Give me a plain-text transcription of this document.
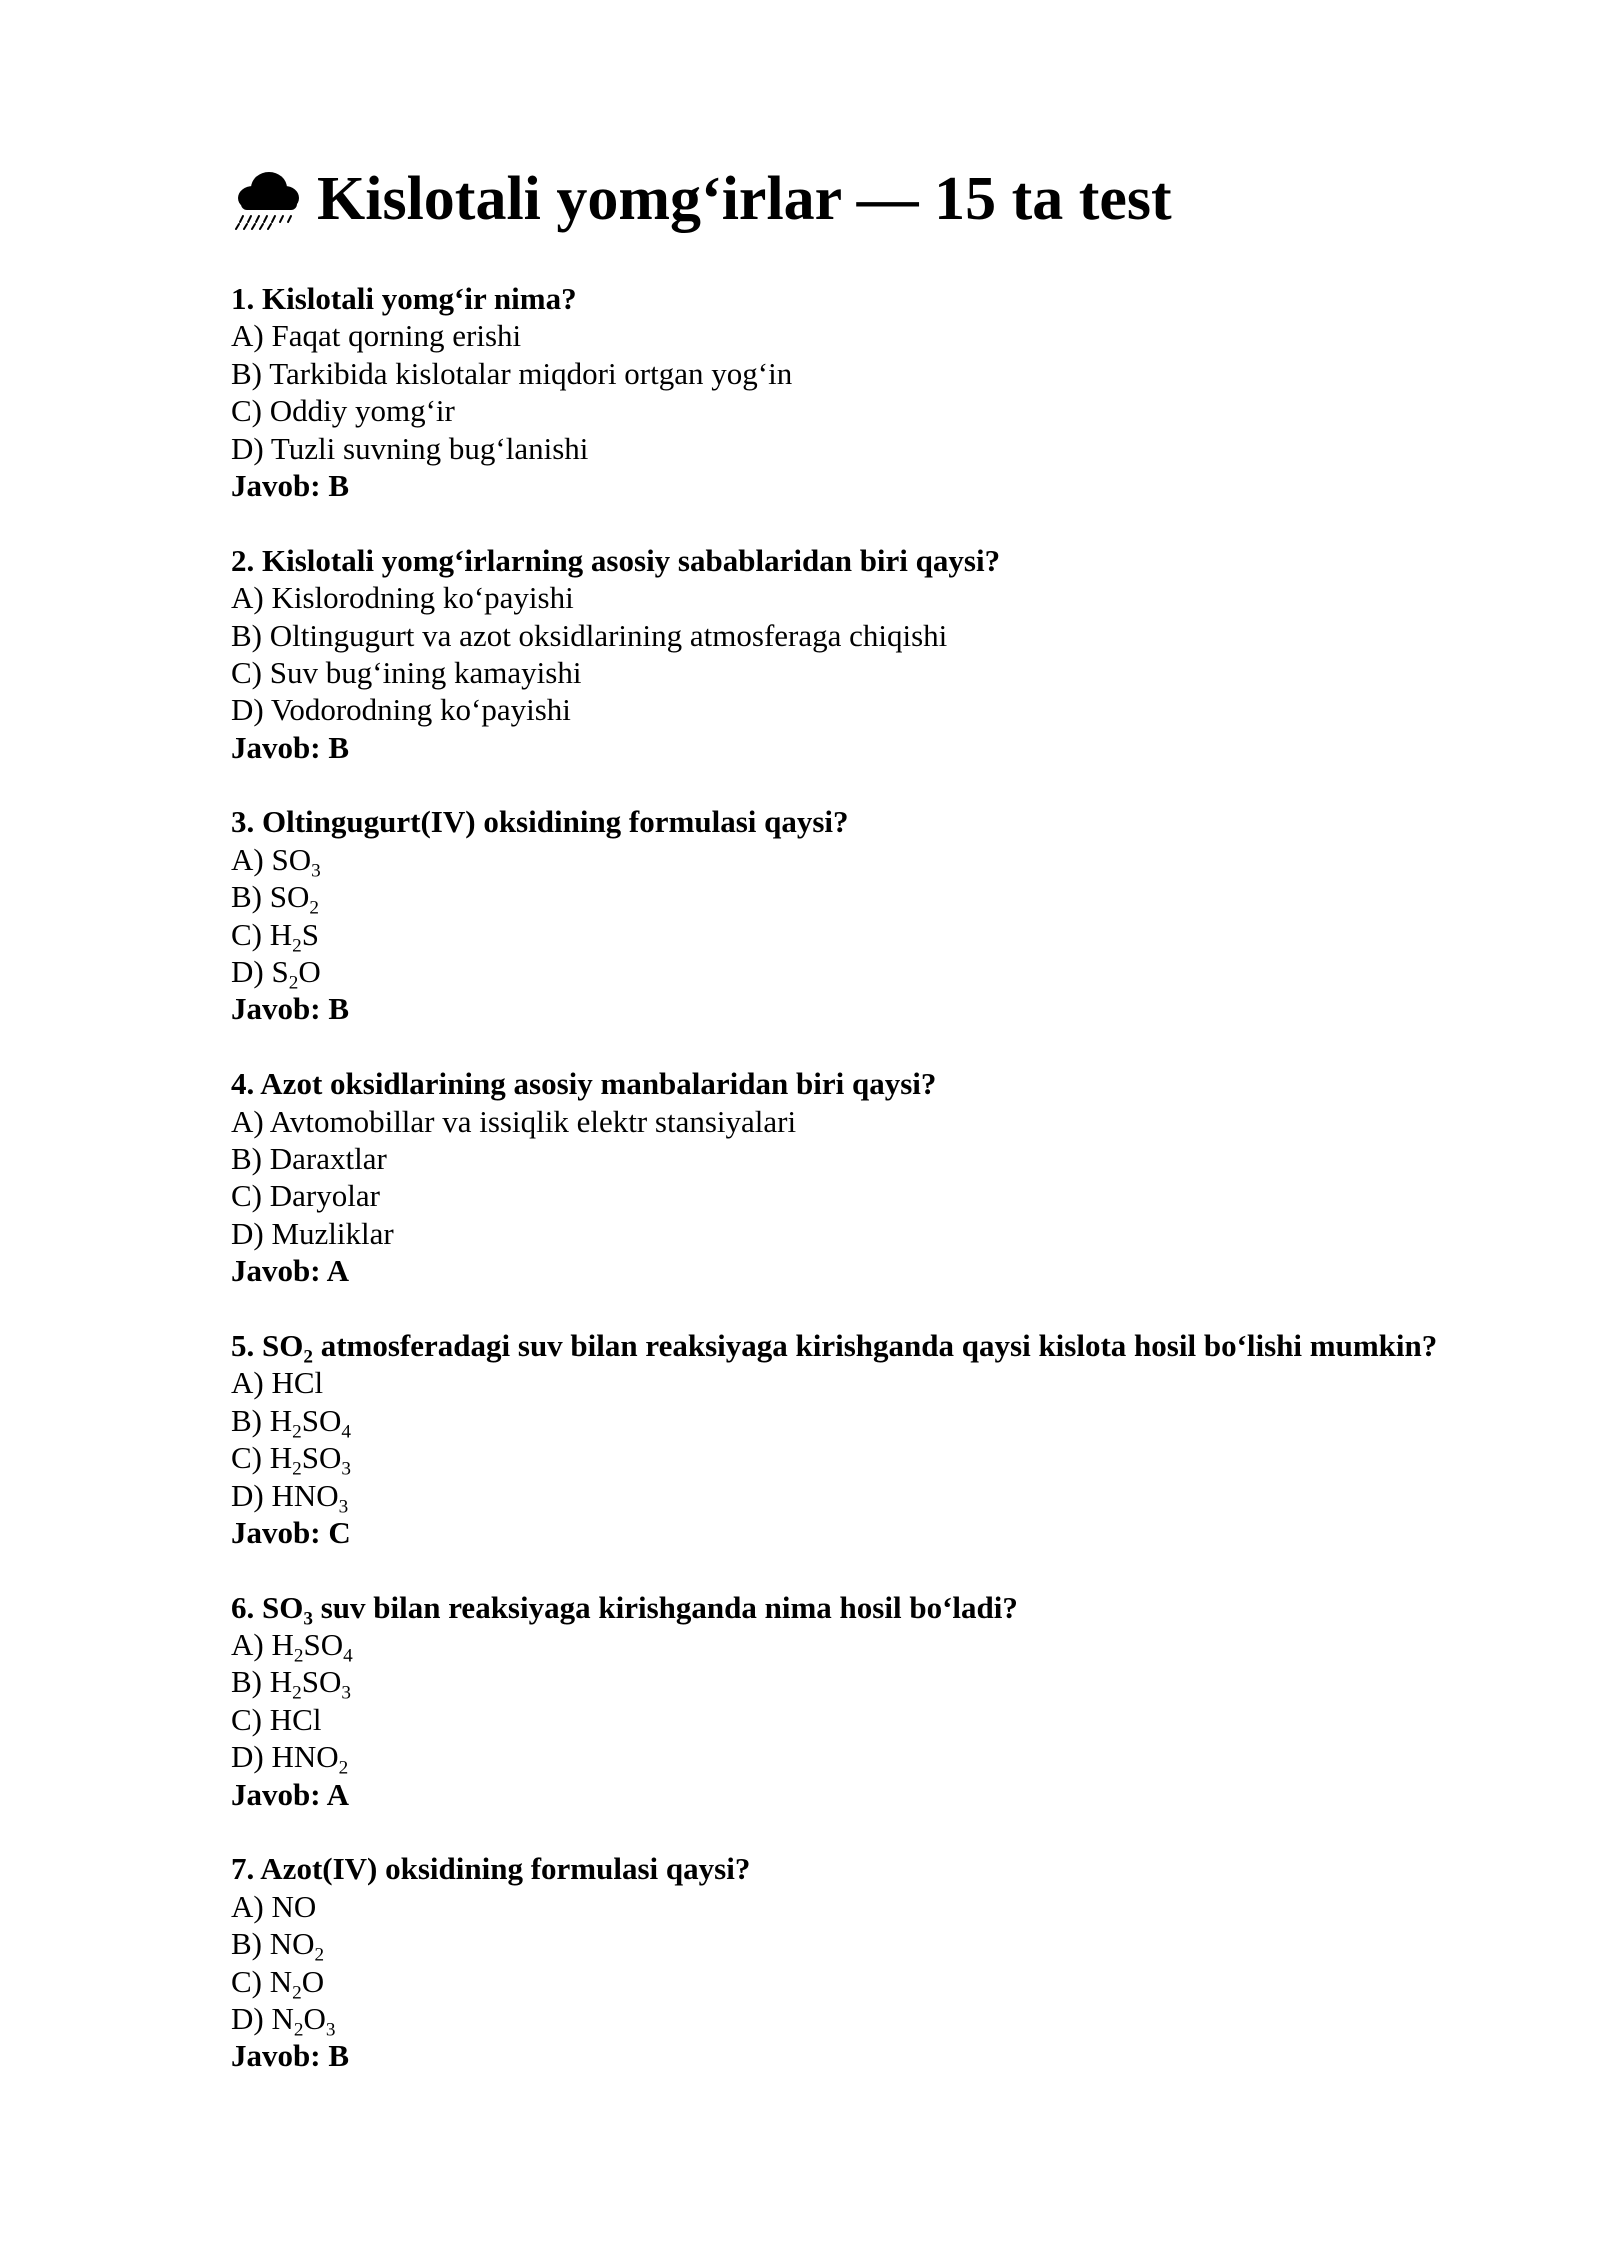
Kislotali yomg‘irlar — 15 ta test
1. Kislotali yomg‘ir nima?
A) Faqat qorning erishi
B) Tarkibida kislotalar miqdori ortgan yog‘in
C) Oddiy yomg‘ir
D) Tuzli suvning bug‘lanishi
Javob: B
2. Kislotali yomg‘irlarning asosiy sabablaridan biri qaysi?
A) Kislorodning ko‘payishi
B) Oltingugurt va azot oksidlarining atmosferaga chiqishi
C) Suv bug‘ining kamayishi
D) Vodorodning ko‘payishi
Javob: B
3. Oltingugurt(IV) oksidining formulasi qaysi?
A) $SO_3$
B) $SO_2$
C) $H_2S$
D) $S_2O$
Javob: B
4. Azot oksidlarining asosiy manbalaridan biri qaysi?
A) Avtomobillar va issiqlik elektr stansiyalari
B) Daraxtlar
C) Daryolar
D) Muzliklar
Javob: A
5. $SO_2$ atmosferadagi suv bilan reaksiyaga kirishganda qaysi kislota hosil bo‘lishi mumkin?
A) HCl
B) $H_2SO_4$
C) $H_2SO_3$
D) $HNO_3$
Javob: C
6. $SO_3$ suv bilan reaksiyaga kirishganda nima hosil bo‘ladi?
A) $H_2SO_4$
B) $H_2SO_3$
C) HCl
D) $HNO_2$
Javob: A
7. Azot(IV) oksidining formulasi qaysi?
A) NO
B) $NO_2$
C) $N_2O$
D) $N_2O_3$
Javob: B
